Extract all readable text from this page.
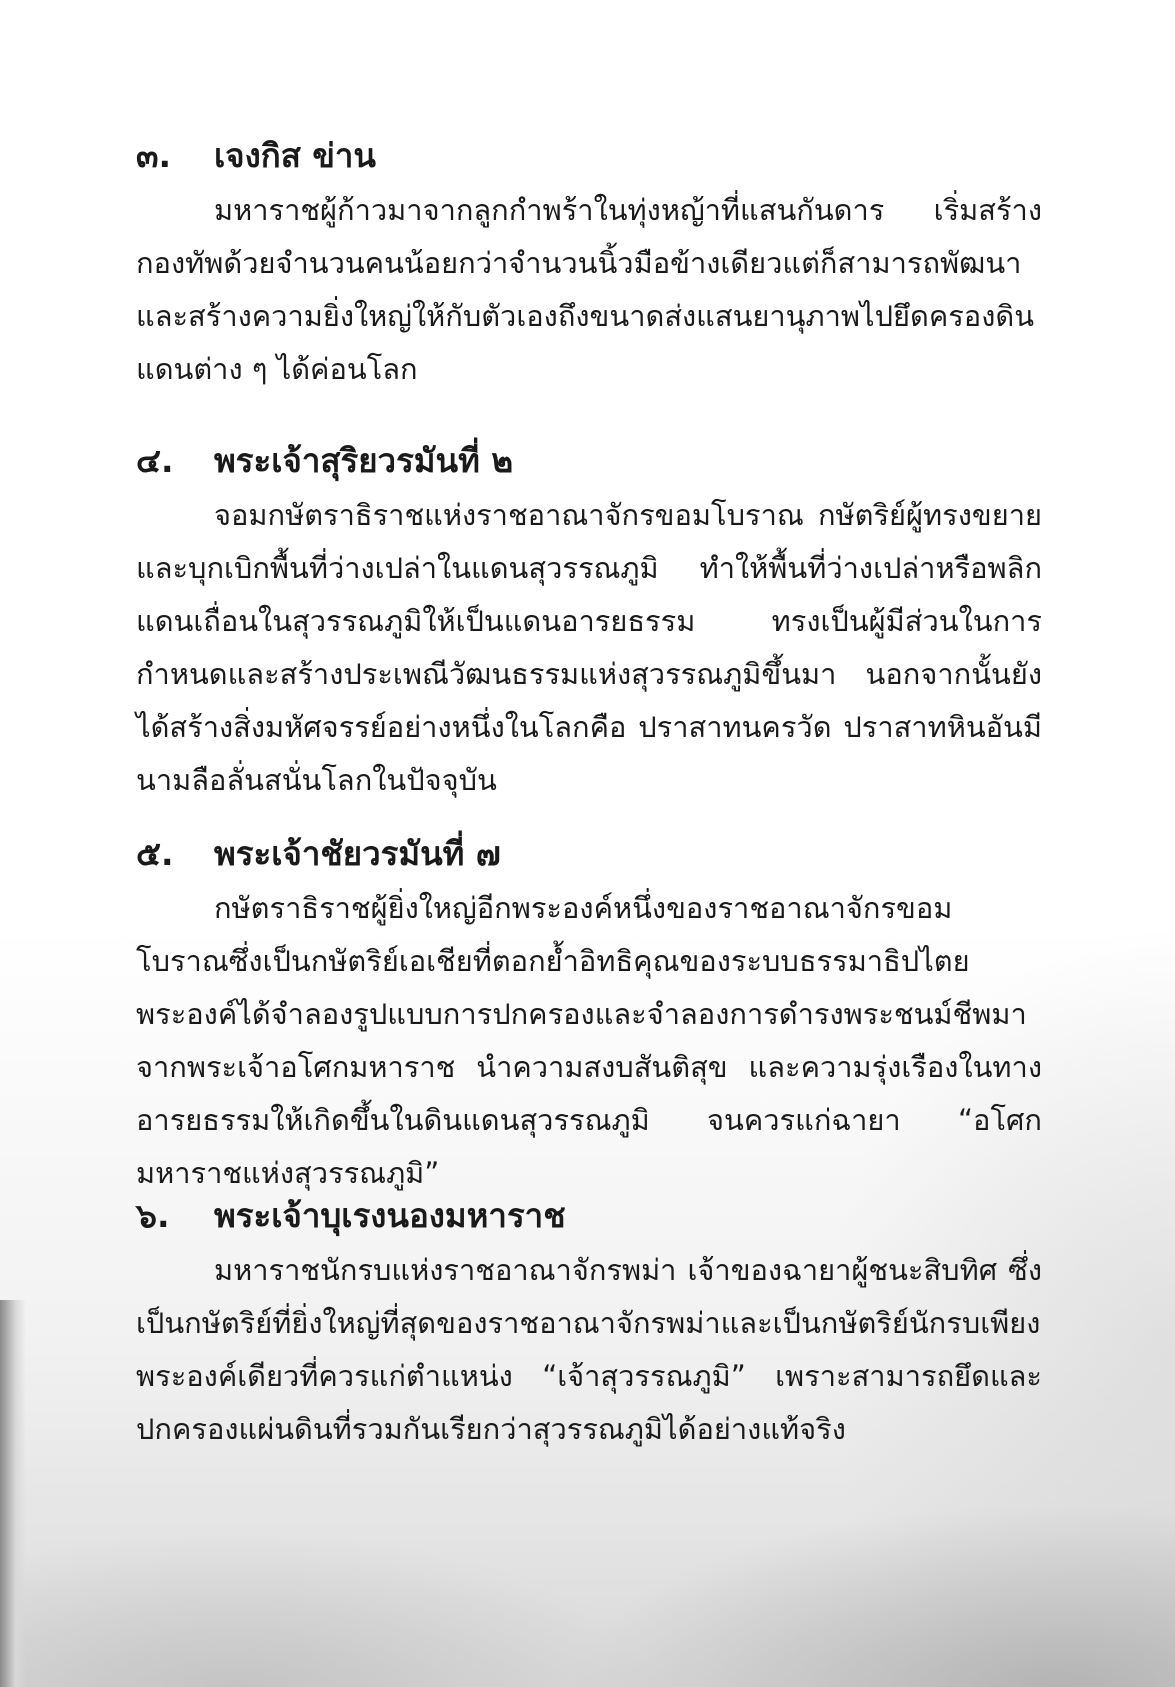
๓.	เจงกิส ข่าน

มหาราชผู้ก้าวมาจากลูกกำพร้าในทุ่งหญ้าที่แสนกันดาร เริ่มสร้างกองทัพด้วยจำนวนคนน้อยกว่าจำนวนนิ้วมือข้างเดียวแต่ก็สามารถพัฒนาและสร้างความยิ่งใหญ่ให้กับตัวเองถึงขนาดส่งแสนยานุภาพไปยึดครองดินแดนต่าง ๆ ได้ค่อนโลก

๔.	พระเจ้าสุริยวรมันที่ ๒

จอมกษัตราธิราชแห่งราชอาณาจักรขอมโบราณ กษัตริย์ผู้ทรงขยายและบุกเบิกพื้นที่ว่างเปล่าในแดนสุวรรณภูมิ ทำให้พื้นที่ว่างเปล่าหรือพลิกแดนเถื่อนในสุวรรณภูมิให้เป็นแดนอารยธรรม ทรงเป็นผู้มีส่วนในการกำหนดและสร้างประเพณีวัฒนธรรมแห่งสุวรรณภูมิขึ้นมา นอกจากนั้นยังได้สร้างสิ่งมหัศจรรย์อย่างหนึ่งในโลกคือ ปราสาทนครวัด ปราสาทหินอันมีนามลือลั่นสนั่นโลกในปัจจุบัน

๕.	พระเจ้าชัยวรมันที่ ๗

กษัตราธิราชผู้ยิ่งใหญ่อีกพระองค์หนึ่งของราชอาณาจักรขอมโบราณซึ่งเป็นกษัตริย์เอเชียที่ตอกย้ำอิทธิคุณของระบบธรรมาธิปไตย พระองค์ได้จำลองรูปแบบการปกครองและจำลองการดำรงพระชนม์ชีพมาจากพระเจ้าอโศกมหาราช นำความสงบสันติสุข และความรุ่งเรืองในทางอารยธรรมให้เกิดขึ้นในดินแดนสุวรรณภูมิ จนควรแก่ฉายา “อโศกมหาราชแห่งสุวรรณภูมิ”

๖.	พระเจ้าบุเรงนองมหาราช

มหาราชนักรบแห่งราชอาณาจักรพม่า เจ้าของฉายาผู้ชนะสิบทิศ ซึ่งเป็นกษัตริย์ที่ยิ่งใหญ่ที่สุดของราชอาณาจักรพม่าและเป็นกษัตริย์นักรบเพียงพระองค์เดียวที่ควรแก่ตำแหน่ง “เจ้าสุวรรณภูมิ” เพราะสามารถยึดและปกครองแผ่นดินที่รวมกันเรียกว่าสุวรรณภูมิได้อย่างแท้จริง
